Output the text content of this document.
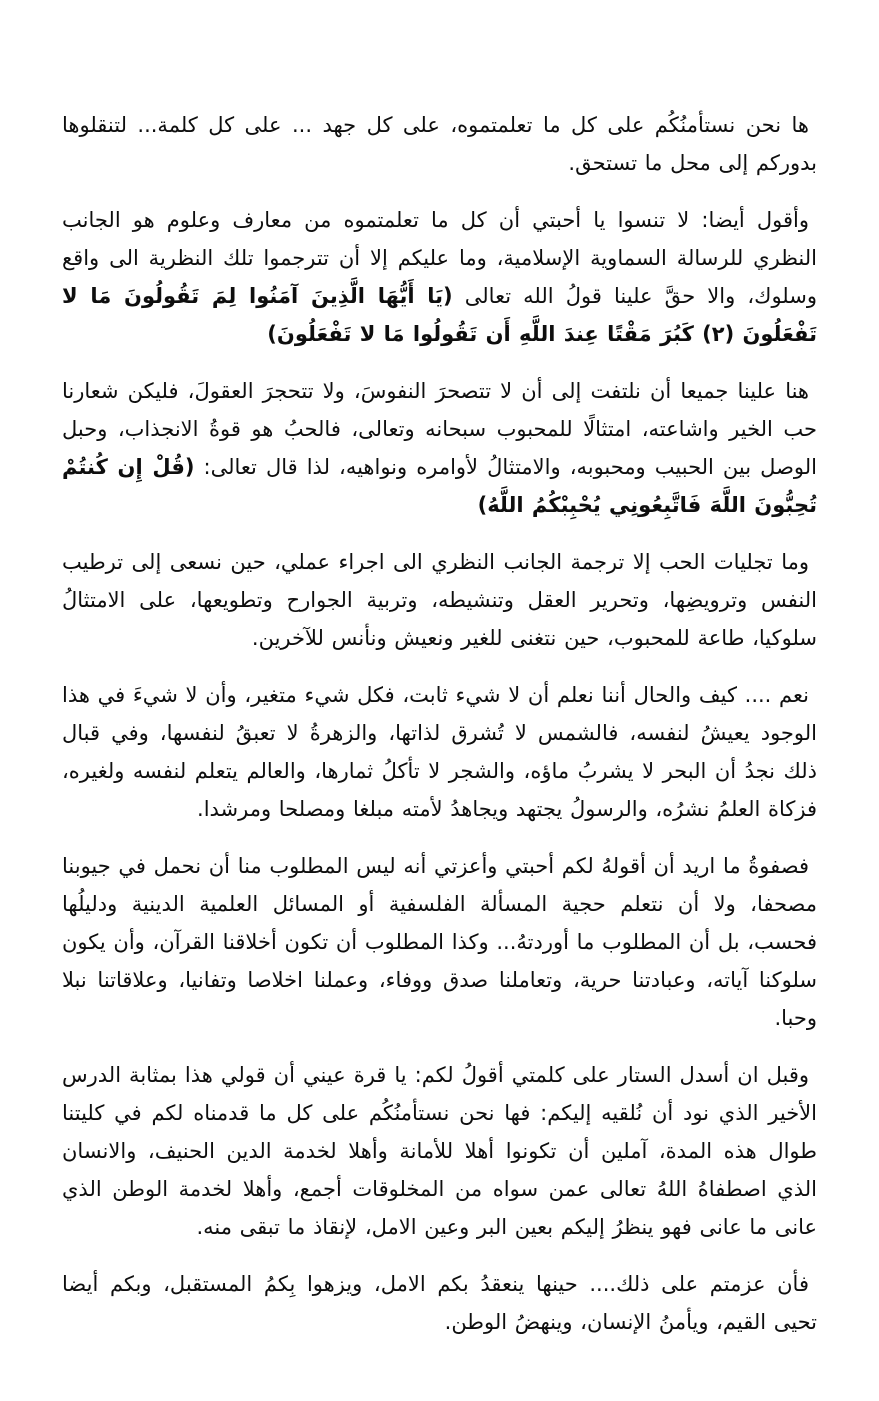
ها نحن نستأمنُكُم على كل ما تعلمتموه، على كل جهد ... على كل كلمة... لتنقلوها بدوركم إلى محل ما تستحق.

وأقول أيضا: لا تنسوا يا أحبتي أن كل ما تعلمتموه من معارف وعلوم هو الجانب النظري للرسالة السماوية الإسلامية، وما عليكم إلا أن تترجموا تلك النظرية الى واقع وسلوك، والا حقَّ علينا قولُ الله تعالى (يَا أَيُّهَا الَّذِينَ آمَنُوا لِمَ تَقُولُونَ مَا لا تَفْعَلُونَ (٢) كَبُرَ مَقْتًا عِندَ اللَّهِ أَن تَقُولُوا مَا لا تَفْعَلُونَ)

هنا علينا جميعا أن نلتفت إلى أن لا تتصحرَ النفوسَ، ولا تتحجرَ العقولَ، فليكن شعارنا حب الخير واشاعته، امتثالًا للمحبوب سبحانه وتعالى، فالحبُ هو قوةُ الانجذاب، وحبل الوصل بين الحبيب ومحبوبه، والامتثالُ لأوامره ونواهيه، لذا قال تعالى: (قُلْ إِن كُنتُمْ تُحِبُّونَ اللَّهَ فَاتَّبِعُونِي يُحْبِبْكُمُ اللَّهُ)

وما تجليات الحب إلا ترجمة الجانب النظري الى اجراء عملي، حين نسعى إلى ترطيب النفس وترويضِها، وتحرير العقل وتنشيطه، وتربية الجوارح وتطويعها، على الامتثالُ سلوكيا، طاعة للمحبوب، حين نتغنى للغير ونعيش ونأنس للآخرين.

نعم .... كيف والحال أننا نعلم أن لا شيء ثابت، فكل شيء متغير، وأن لا شيءَ في هذا الوجود يعيشُ لنفسه، فالشمس لا تُشرق لذاتها، والزهرةُ لا تعبقُ لنفسها، وفي قبال ذلك نجدُ أن البحر لا يشربُ ماؤه، والشجر لا تأكلُ ثمارها، والعالم يتعلم لنفسه ولغيره، فزكاة العلمُ نشرُه، والرسولُ يجتهد ويجاهدُ لأمته مبلغا ومصلحا ومرشدا.

فصفوةُ ما اريد أن أقولهُ لكم أحبتي وأعزتي أنه ليس المطلوب منا أن نحمل في جيوبنا مصحفا، ولا أن نتعلم حجية المسألة الفلسفية أو المسائل العلمية الدينية ودليلُها فحسب، بل أن المطلوب ما أوردتهُ... وكذا المطلوب أن تكون أخلاقنا القرآن، وأن يكون سلوكنا آياته، وعبادتنا حرية، وتعاملنا صدق ووفاء، وعملنا اخلاصا وتفانيا، وعلاقاتنا نبلا وحبا.

وقبل ان أسدل الستار على كلمتي أقولُ لكم: يا قرة عيني أن قولي هذا بمثابة الدرس الأخير الذي نود أن نُلقيه إليكم: فها نحن نستأمنُكُم على كل ما قدمناه لكم في كليتنا طوال هذه المدة، آملين أن تكونوا أهلا للأمانة وأهلا لخدمة الدين الحنيف، والانسان الذي اصطفاهُ اللهُ تعالى عمن سواه من المخلوقات أجمع، وأهلا لخدمة الوطن الذي عانى ما عانى فهو ينظرُ إليكم بعين البر وعين الامل، لإنقاذ ما تبقى منه.

فأن عزمتم على ذلك.... حينها ينعقدُ بكم الامل، ويزهوا بِكمُ المستقبل، وبكم أيضا تحيى القيم، ويأمنُ الإنسان، وينهضُ الوطن.
